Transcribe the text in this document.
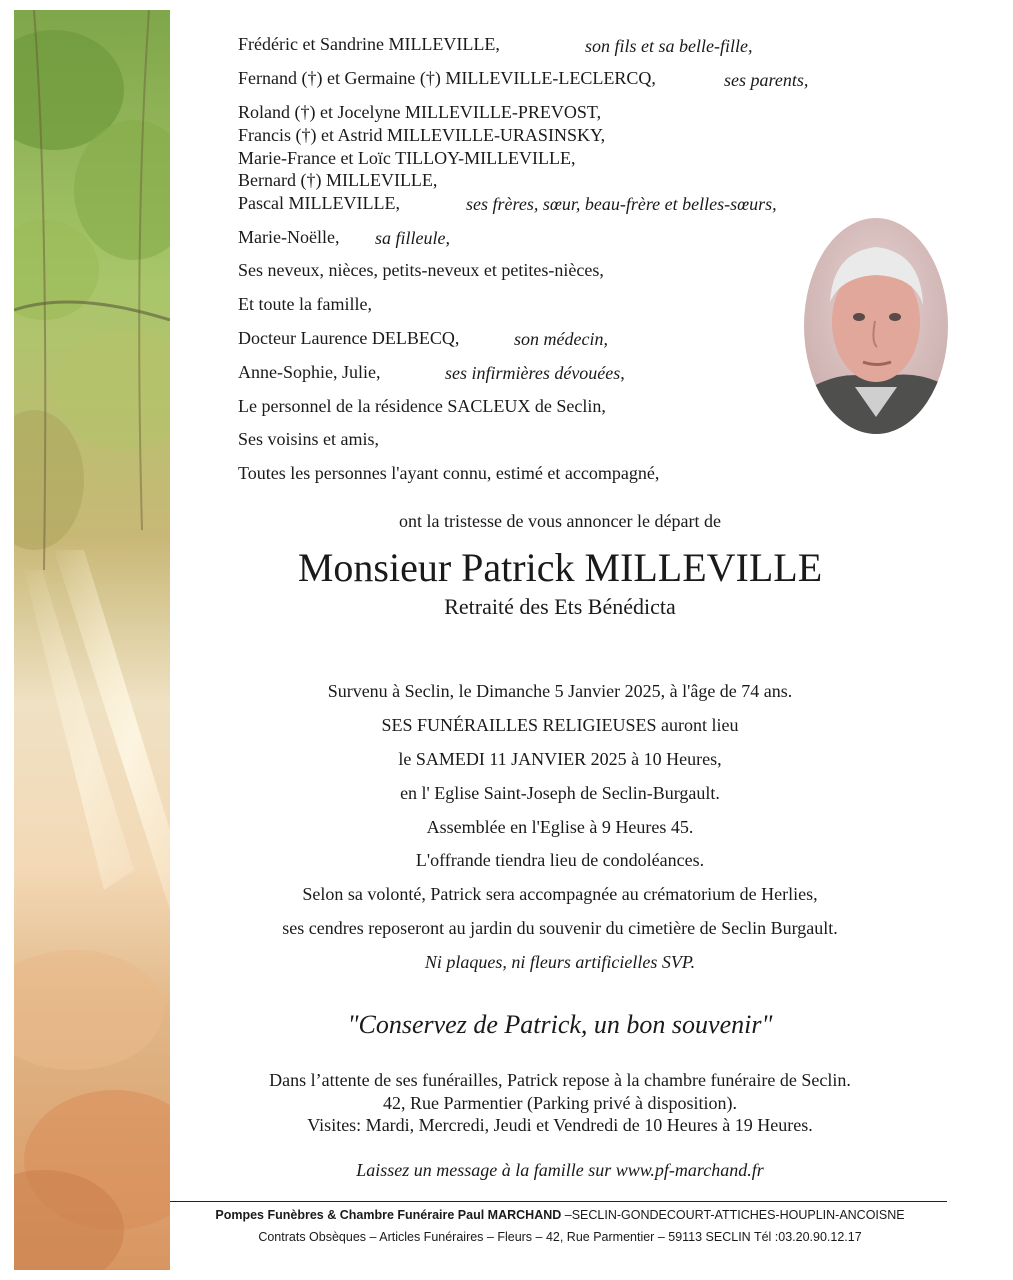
Frédéric et Sandrine MILLEVILLE,	son fils et sa belle-fille,
Fernand (†) et Germaine (†) MILLEVILLE-LECLERCQ,	ses parents,
Roland (†) et Jocelyne MILLEVILLE-PREVOST,
Francis (†) et Astrid MILLEVILLE-URASINSKY,
Marie-France et Loïc TILLOY-MILLEVILLE,
Bernard (†) MILLEVILLE,
Pascal MILLEVILLE,	ses frères, sœur, beau-frère et belles-sœurs,
Marie-Noëlle, sa filleule,
Ses neveux, nièces, petits-neveux et petites-nièces,
Et toute la famille,
Docteur Laurence DELBECQ,	son médecin,
Anne-Sophie, Julie,	ses infirmières dévouées,
Le personnel de la résidence SACLEUX de Seclin,
Ses voisins et amis,
Toutes les personnes l'ayant connu, estimé et accompagné,
ont la tristesse de vous annoncer le départ de
Monsieur Patrick MILLEVILLE
Retraité des Ets Bénédicta
Survenu à Seclin, le Dimanche 5 Janvier 2025, à l'âge de 74 ans.
SES FUNÉRAILLES RELIGIEUSES auront lieu
le SAMEDI 11 JANVIER 2025 à 10 Heures,
en l' Eglise Saint-Joseph de Seclin-Burgault.
Assemblée en l'Eglise à 9 Heures 45.
L'offrande tiendra lieu de condoléances.
Selon sa volonté, Patrick sera accompagnée au crématorium de Herlies,
ses cendres reposeront au jardin du souvenir du cimetière de Seclin Burgault.
Ni plaques, ni fleurs artificielles SVP.
"Conservez de Patrick, un bon souvenir"
Dans l’attente de ses funérailles, Patrick repose à la chambre funéraire de Seclin.
42, Rue Parmentier (Parking privé à disposition).
Visites: Mardi, Mercredi, Jeudi et Vendredi de 10 Heures à 19 Heures.
Laissez un message à la famille sur www.pf-marchand.fr
Pompes Funèbres & Chambre Funéraire Paul MARCHAND –SECLIN-GONDECOURT-ATTICHES-HOUPLIN-ANCOISNE
Contrats Obsèques – Articles Funéraires – Fleurs – 42, Rue Parmentier – 59113 SECLIN Tél :03.20.90.12.17
